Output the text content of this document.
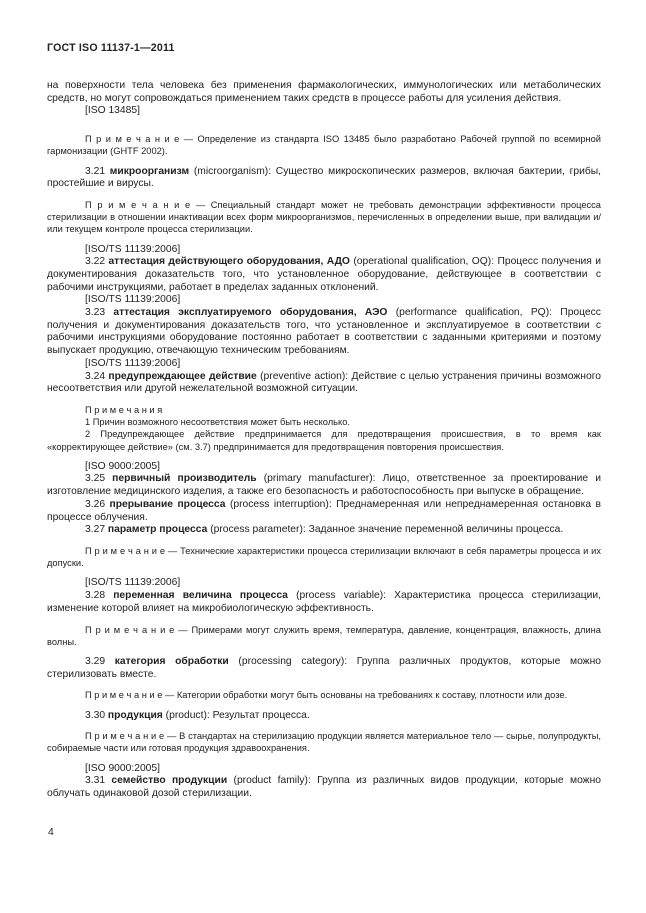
ГОСТ ISO 11137-1—2011
на поверхности тела человека без применения фармакологических, иммунологических или метаболических средств, но могут сопровождаться применением таких средств в процессе работы для усиления действия.
[ISO 13485]
П р и м е ч а н и е — Определение из стандарта ISO 13485 было разработано Рабочей группой по всемирной гармонизации (GHTF 2002).
3.21 микроорганизм (microorganism): Существо микроскопических размеров, включая бактерии, грибы, простейшие и вирусы.
П р и м е ч а н и е — Специальный стандарт может не требовать демонстрации эффективности процесса стерилизации в отношении инактивации всех форм микроорганизмов, перечисленных в определении выше, при валидации и/или текущем контроле процесса стерилизации.
[ISO/TS 11139:2006]
3.22 аттестация действующего оборудования, АДО (operational qualification, OQ): Процесс получения и документирования доказательств того, что установленное оборудование, действующее в соответствии с рабочими инструкциями, работает в пределах заданных отклонений.
[ISO/TS 11139:2006]
3.23 аттестация эксплуатируемого оборудования, АЭО (performance qualification, PQ): Процесс получения и документирования доказательств того, что установленное и эксплуатируемое в соответствии с рабочими инструкциями оборудование постоянно работает в соответствии с заданными критериями и поэтому выпускает продукцию, отвечающую техническим требованиям.
[ISO/TS 11139:2006]
3.24 предупреждающее действие (preventive action): Действие с целью устранения причины возможного несоответствия или другой нежелательной возможной ситуации.
П р и м е ч а н и я
1 Причин возможного несоответствия может быть несколько.
2 Предупреждающее действие предпринимается для предотвращения происшествия, в то время как «корректирующее действие» (см. 3.7) предпринимается для предотвращения повторения происшествия.
[ISO 9000:2005]
3.25 первичный производитель (primary manufacturer): Лицо, ответственное за проектирование и изготовление медицинского изделия, а также его безопасность и работоспособность при выпуске в обращение.
3.26 прерывание процесса (process interruption): Преднамеренная или непреднамеренная остановка в процессе облучения.
3.27 параметр процесса (process parameter): Заданное значение переменной величины процесса.
П р и м е ч а н и е — Технические характеристики процесса стерилизации включают в себя параметры процесса и их допуски.
[ISO/TS 11139:2006]
3.28 переменная величина процесса (process variable): Характеристика процесса стерилизации, изменение которой влияет на микробиологическую эффективность.
П р и м е ч а н и е — Примерами могут служить время, температура, давление, концентрация, влажность, длина волны.
3.29 категория обработки (processing category): Группа различных продуктов, которые можно стерилизовать вместе.
П р и м е ч а н и е — Категории обработки могут быть основаны на требованиях к составу, плотности или дозе.
3.30 продукция (product): Результат процесса.
П р и м е ч а н и е — В стандартах на стерилизацию продукции является материальное тело — сырье, полупродукты, собираемые части или готовая продукция здравоохранения.
[ISO 9000:2005]
3.31 семейство продукции (product family): Группа из различных видов продукции, которые можно облучать одинаковой дозой стерилизации.
4
